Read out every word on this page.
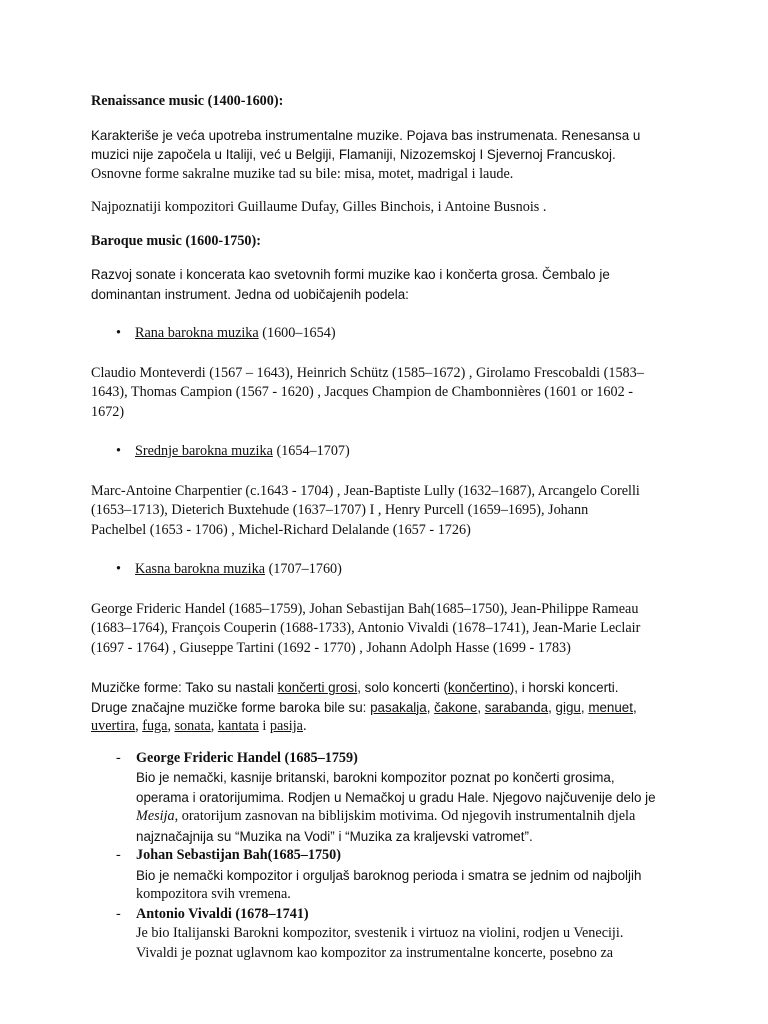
Renaissance music (1400-1600):

Karakteriše je veća upotreba instrumentalne muzike. Pojava bas instrumenata. Renesansa u
muzici nije započela u Italiji, već u Belgiji, Flamaniji, Nizozemskoj I Sjevernoj Francuskoj.
Osnovne forme sakralne muzike tad su bile: misa, motet, madrigal i laude.

Najpoznatiji kompozitori Guillaume Dufay, Gilles Binchois, i Antoine Busnois .

Baroque music (1600-1750):

Razvoj sonate i koncerata kao svetovnih formi muzike kao i končerta grosa. Čembalo je
dominantan instrument. Jedna od uobičajenih podela:
• Rana barokna muzika (1600–1654)
Claudio Monteverdi (1567 – 1643), Heinrich Schütz (1585–1672) , Girolamo Frescobaldi (1583–
1643), Thomas Campion (1567 - 1620) , Jacques Champion de Chambonnières (1601 or 1602 -
1672)
• Srednje barokna muzika (1654–1707)
Marc-Antoine Charpentier (c.1643 - 1704) , Jean-Baptiste Lully (1632–1687), Arcangelo Corelli
(1653–1713), Dieterich Buxtehude (1637–1707) I , Henry Purcell (1659–1695), Johann
Pachelbel (1653 - 1706) , Michel-Richard Delalande (1657 - 1726)
• Kasna barokna muzika (1707–1760)
George Frideric Handel (1685–1759), Johan Sebastijan Bah(1685–1750), Jean-Philippe Rameau
(1683–1764), François Couperin (1688-1733), Antonio Vivaldi (1678–1741), Jean-Marie Leclair
(1697 - 1764) , Giuseppe Tartini (1692 - 1770) , Johann Adolph Hasse (1699 - 1783)
Muzičke forme: Tako su nastali končerti grosi, solo koncerti (končertino), i horski koncerti.
Druge značajne muzičke forme baroka bile su: pasakalja, čakone, sarabanda, gigu, menuet,
uvertira, fuga, sonata, kantata i pasija.
- George Frideric Handel (1685–1759)
Bio je nemački, kasnije britanski, barokni kompozitor poznat po končerti grosima,
operama i oratorijumima. Rodjen u Nemačkoj u gradu Hale. Njegovo najčuvenije delo je
Mesija, oratorijum zasnovan na biblijskim motivima. Od njegovih instrumentalnih djela
najznačajnija su “Muzika na Vodi” i “Muzika za kraljevski vatromet”.
- Johan Sebastijan Bah(1685–1750)
Bio je nemački kompozitor i orguljaš baroknog perioda i smatra se jednim od najboljih
kompozitora svih vremena.
- Antonio Vivaldi (1678–1741)
Je bio Italijanski Barokni kompozitor, svestenik i virtuoz na violini, rodjen u Veneciji.
Vivaldi je poznat uglavnom kao kompozitor za instrumentalne koncerte, posebno za
